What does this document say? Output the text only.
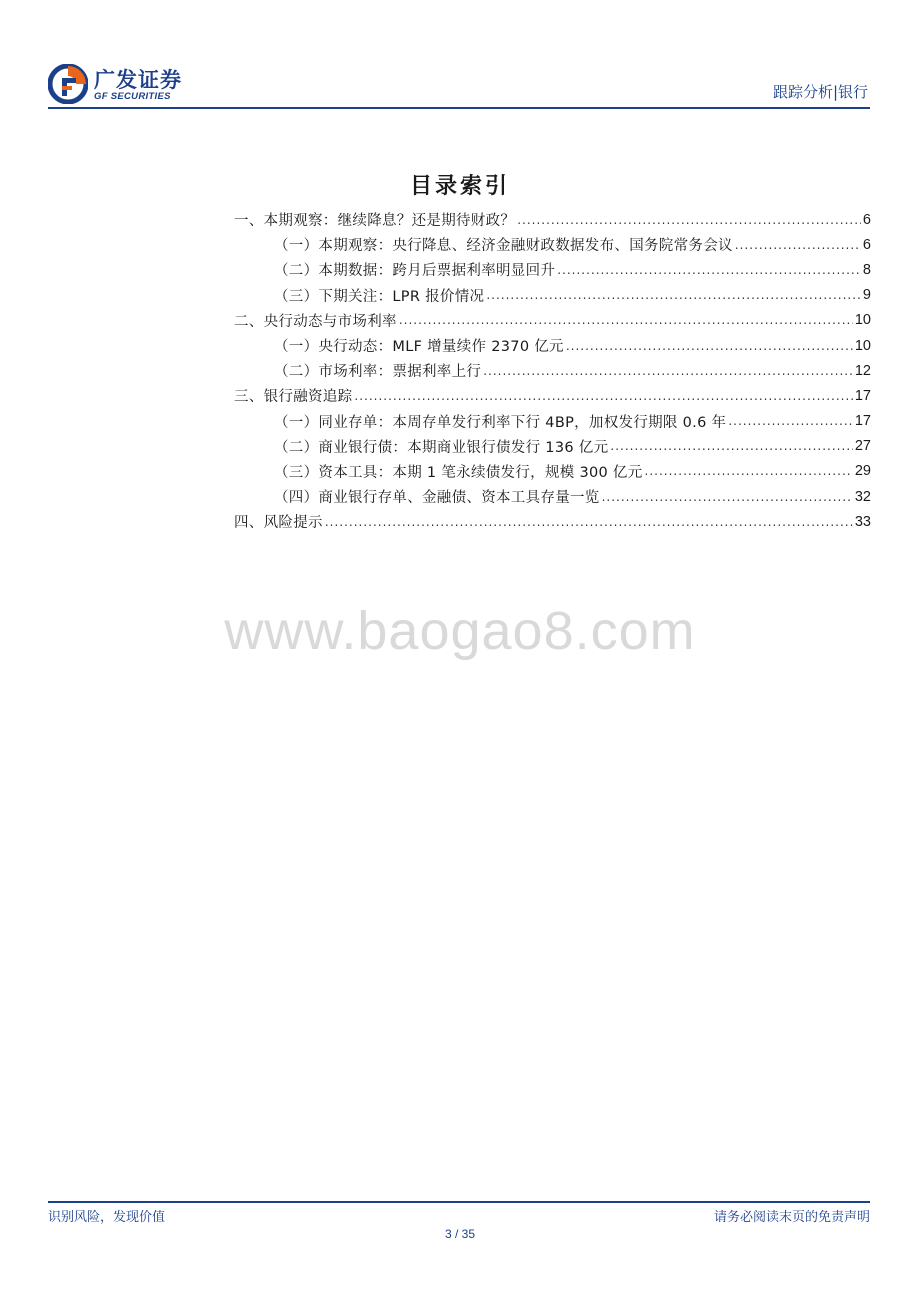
广发证券
GF SECURITIES	跟踪分析|银行
目录索引
一、本期观察：继续降息？还是期待财政？ .....	6
（一）本期观察：央行降息、经济金融财政数据发布、国务院常务会议 .....	6
（二）本期数据：跨月后票据利率明显回升 .....	8
（三）下期关注：LPR 报价情况 .....	9
二、央行动态与市场利率 .....	10
（一）央行动态：MLF 增量续作 2370 亿元 .....	10
（二）市场利率：票据利率上行 .....	12
三、银行融资追踪 .....	17
（一）同业存单：本周存单发行利率下行 4BP，加权发行期限 0.6 年 .....	17
（二）商业银行债：本期商业银行债发行 136 亿元 .....	27
（三）资本工具：本期 1 笔永续债发行，规模 300 亿元 .....	29
（四）商业银行存单、金融债、资本工具存量一览 .....	32
四、风险提示 .....	33
www.baogao8.com
识别风险，发现价值	请务必阅读末页的免责声明
3 / 35
